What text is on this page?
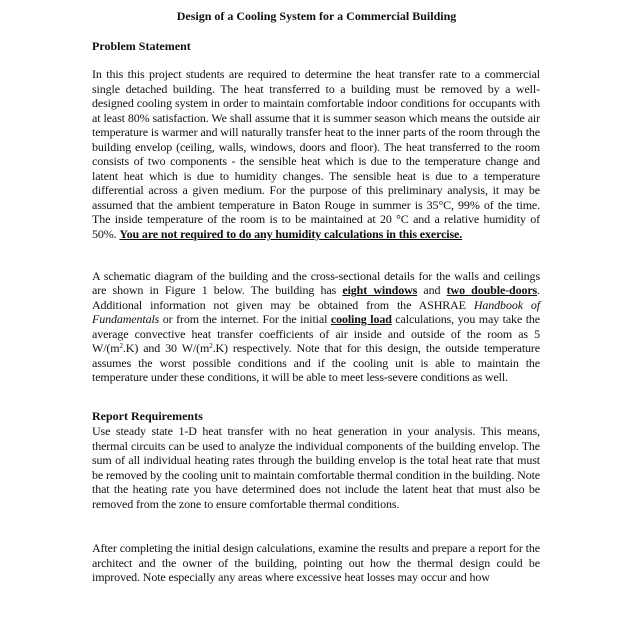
Design of a Cooling System for a Commercial Building
Problem Statement
In this this project students are required to determine the heat transfer rate to a commercial single detached building. The heat transferred to a building must be removed by a well-designed cooling system in order to maintain comfortable indoor conditions for occupants with at least 80% satisfaction. We shall assume that it is summer season which means the outside air temperature is warmer and will naturally transfer heat to the inner parts of the room through the building envelop (ceiling, walls, windows, doors and floor). The heat transferred to the room consists of two components - the sensible heat which is due to the temperature change and latent heat which is due to humidity changes. The sensible heat is due to a temperature differential across a given medium. For the purpose of this preliminary analysis, it may be assumed that the ambient temperature in Baton Rouge in summer is 35°C, 99% of the time. The inside temperature of the room is to be maintained at 20 °C and a relative humidity of 50%. You are not required to do any humidity calculations in this exercise.
A schematic diagram of the building and the cross-sectional details for the walls and ceilings are shown in Figure 1 below. The building has eight windows and two double-doors. Additional information not given may be obtained from the ASHRAE Handbook of Fundamentals or from the internet. For the initial cooling load calculations, you may take the average convective heat transfer coefficients of air inside and outside of the room as 5 $W/(m^2.K)$ and 30 $W/(m^2.K)$ respectively. Note that for this design, the outside temperature assumes the worst possible conditions and if the cooling unit is able to maintain the temperature under these conditions, it will be able to meet less-severe conditions as well.
Report Requirements
Use steady state 1-D heat transfer with no heat generation in your analysis. This means, thermal circuits can be used to analyze the individual components of the building envelop. The sum of all individual heating rates through the building envelop is the total heat rate that must be removed by the cooling unit to maintain comfortable thermal condition in the building. Note that the heating rate you have determined does not include the latent heat that must also be removed from the zone to ensure comfortable thermal conditions.
After completing the initial design calculations, examine the results and prepare a report for the architect and the owner of the building, pointing out how the thermal design could be improved. Note especially any areas where excessive heat losses may occur and how
